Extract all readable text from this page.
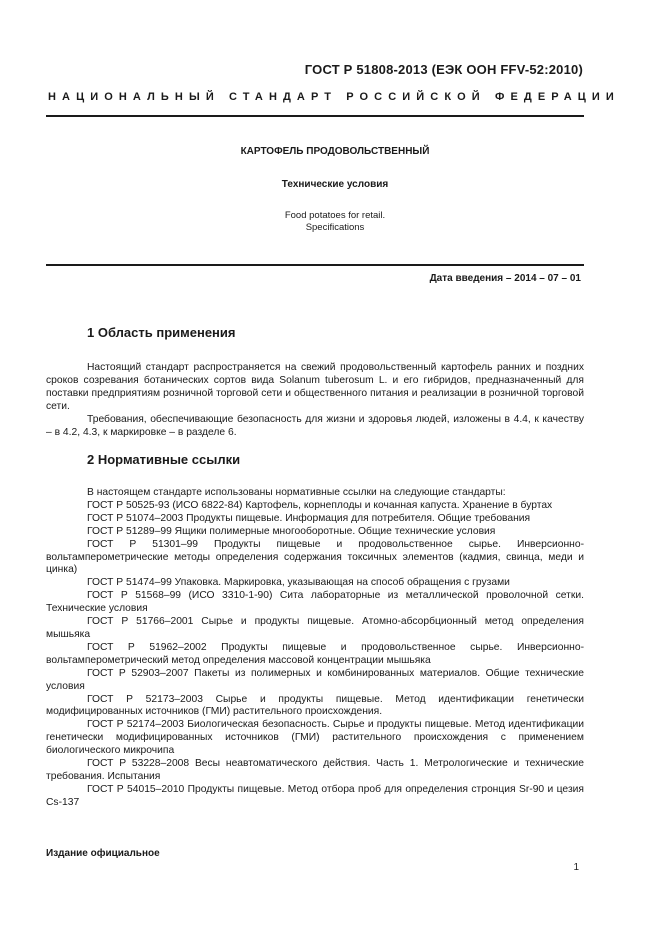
ГОСТ Р 51808-2013 (ЕЭК ООН FFV-52:2010)
НАЦИОНАЛЬНЫЙ СТАНДАРТ РОССИЙСКОЙ ФЕДЕРАЦИИ
КАРТОФЕЛЬ ПРОДОВОЛЬСТВЕННЫЙ
Технические условия
Food potatoes for retail.
Specifications
Дата введения – 2014 – 07 – 01
1 Область применения

Настоящий стандарт распространяется на свежий продовольственный картофель ранних и поздних сроков созревания ботанических сортов вида Solanum tuberosum L. и его гибридов, предназначенный для поставки предприятиям розничной торговой сети и общественного питания и реализации в розничной торговой сети.

Требования, обеспечивающие безопасность для жизни и здоровья людей, изложены в 4.4, к качеству – в 4.2, 4.3, к маркировке – в разделе 6.

2 Нормативные ссылки

В настоящем стандарте использованы нормативные ссылки на следующие стандарты:

ГОСТ Р 50525-93 (ИСО 6822-84) Картофель, корнеплоды и кочанная капуста. Хранение в буртах

ГОСТ Р 51074–2003 Продукты пищевые. Информация для потребителя. Общие требования

ГОСТ Р 51289–99 Ящики полимерные многооборотные. Общие технические условия

ГОСТ Р 51301–99 Продукты пищевые и продовольственное сырье. Инверсионно-вольтамперометрические методы определения содержания токсичных элементов (кадмия, свинца, меди и цинка)

ГОСТ Р 51474–99 Упаковка. Маркировка, указывающая на способ обращения с грузами

ГОСТ Р 51568–99 (ИСО 3310-1-90) Сита лабораторные из металлической проволочной сетки. Технические условия

ГОСТ Р 51766–2001 Сырье и продукты пищевые. Атомно-абсорбционный метод определения мышьяка

ГОСТ Р 51962–2002 Продукты пищевые и продовольственное сырье. Инверсионно-вольтамперометрический метод определения массовой концентрации мышьяка

ГОСТ Р 52903–2007 Пакеты из полимерных и комбинированных материалов. Общие технические условия

ГОСТ Р 52173–2003 Сырье и продукты пищевые. Метод идентификации генетически модифицированных источников (ГМИ) растительного происхождения.

ГОСТ Р 52174–2003 Биологическая безопасность. Сырье и продукты пищевые. Метод идентификации генетически модифицированных источников (ГМИ) растительного происхождения с применением биологического микрочипа

ГОСТ Р 53228–2008 Весы неавтоматического действия. Часть 1. Метрологические и технические требования. Испытания

ГОСТ Р 54015–2010 Продукты пищевые. Метод отбора проб для определения стронция Sr-90 и цезия Cs-137

Издание официальное
1
